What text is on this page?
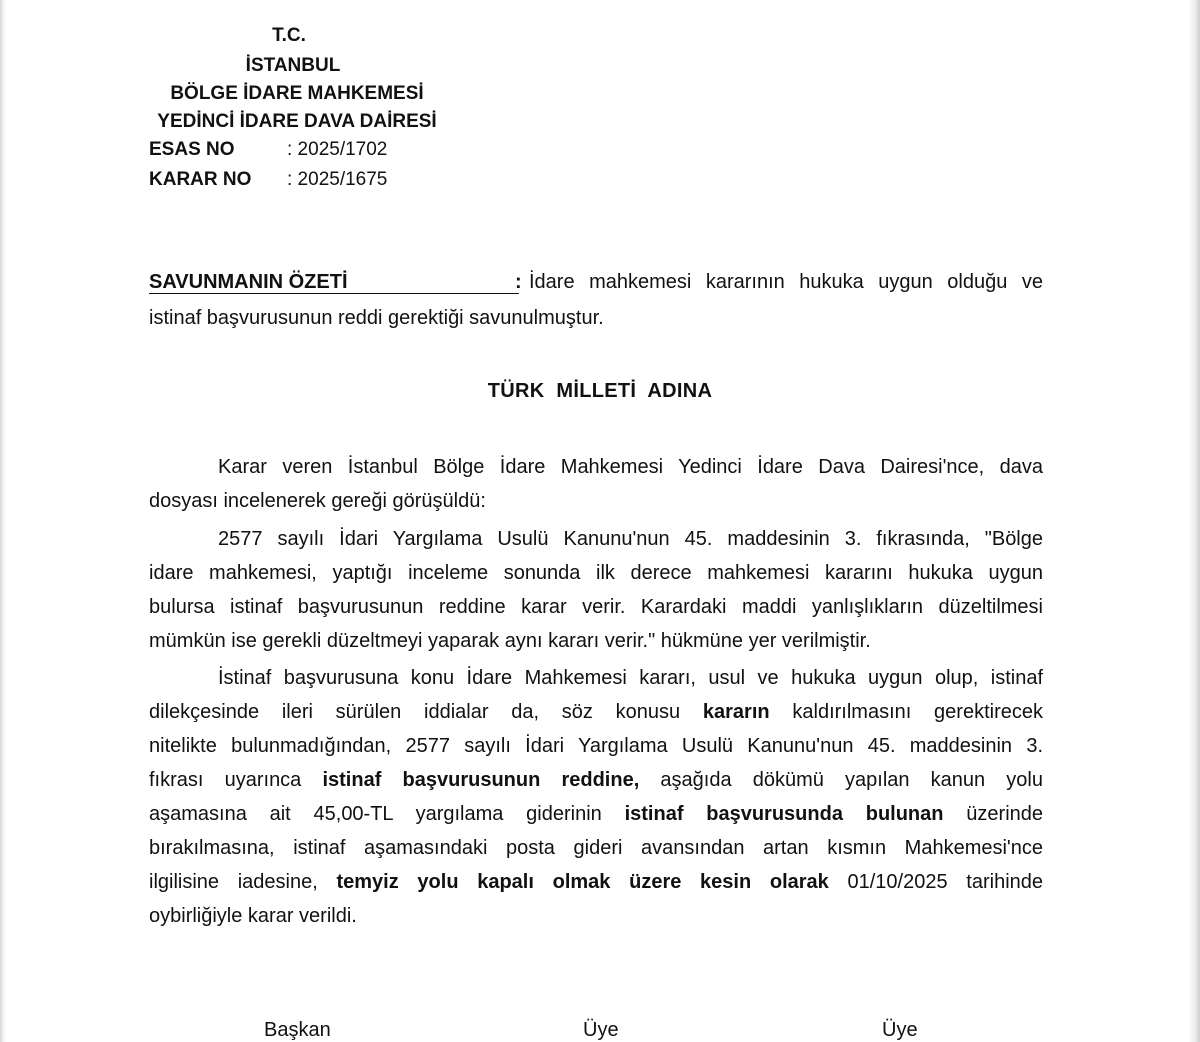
T.C.
İSTANBUL
BÖLGE İDARE MAHKEMESİ
YEDİNCİ İDARE DAVA DAİRESİ
ESAS NO	: 2025/1702
KARAR NO : 2025/1675
SAVUNMANIN ÖZETİ	: İdare mahkemesi kararının hukuka uygun olduğu ve
istinaf başvurusunun reddi gerektiği savunulmuştur.
TÜRK MİLLETİ ADINA
Karar veren İstanbul Bölge İdare Mahkemesi Yedinci İdare Dava Dairesi'nce, dava
dosyası incelenerek gereği görüşüldü:
2577 sayılı İdari Yargılama Usulü Kanunu'nun 45. maddesinin 3. fıkrasında, "Bölge
idare mahkemesi, yaptığı inceleme sonunda ilk derece mahkemesi kararını hukuka uygun
bulursa istinaf başvurusunun reddine karar verir. Karardaki maddi yanlışlıkların düzeltilmesi
mümkün ise gerekli düzeltmeyi yaparak aynı kararı verir." hükmüne yer verilmiştir.
İstinaf başvurusuna konu İdare Mahkemesi kararı, usul ve hukuka uygun olup, istinaf
dilekçesinde ileri sürülen iddialar da, söz konusu kararın kaldırılmasını gerektirecek
nitelikte bulunmadığından, 2577 sayılı İdari Yargılama Usulü Kanunu'nun 45. maddesinin 3.
fıkrası uyarınca istinaf başvurusunun reddine, aşağıda dökümü yapılan kanun yolu
aşamasına ait 45,00-TL yargılama giderinin istinaf başvurusunda bulunan üzerinde
bırakılmasına, istinaf aşamasındaki posta gideri avansından artan kısmın Mahkemesi'nce
ilgilisine iadesine, temyiz yolu kapalı olmak üzere kesin olarak 01/10/2025 tarihinde
oybirliğiyle karar verildi.
Başkan	Üye	Üye
